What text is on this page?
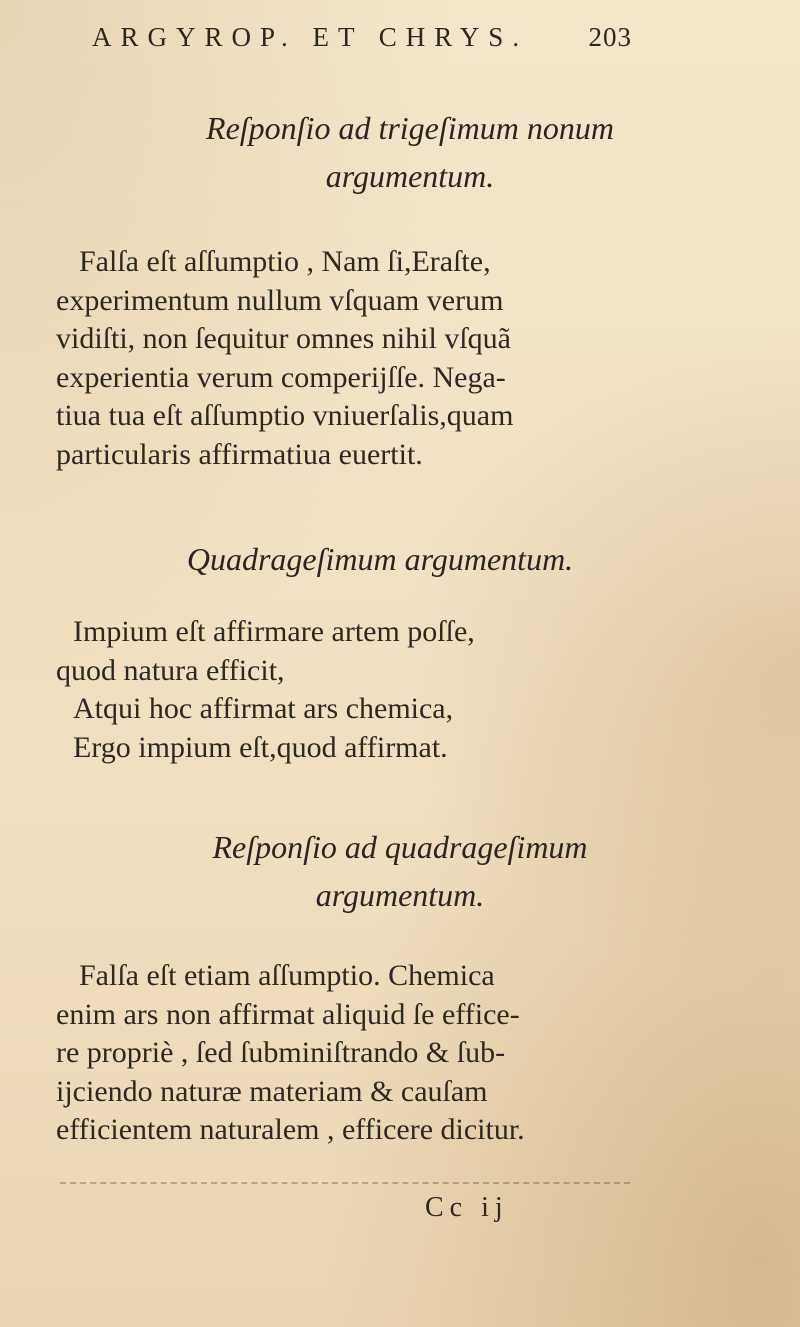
ARGYROP. ET CHRYS. 203
Reſponſio ad trigeſimum nonum
argumentum.

Falſa eſt aſſumptio , Nam ſi,Eraſte,
experimentum nullum vſquam verum
vidiſti, non ſequitur omnes nihil vſquã
experientia verum comperijſſe. Nega-
tiua tua eſt aſſumptio vniuerſalis,quam
particularis affirmatiua euertit.

Quadrageſimum argumentum.

Impium eſt affirmare artem poſſe,
quod natura efficit,
Atqui hoc affirmat ars chemica,
Ergo impium eſt,quod affirmat.

Reſponſio ad quadrageſimum
argumentum.

Falſa eſt etiam aſſumptio. Chemica
enim ars non affirmat aliquid ſe effice-
re propriè , ſed ſubminiſtrando & ſub-
ijciendo naturæ materiam & cauſam
efficientem naturalem , efficere dicitur.

Cc ij
